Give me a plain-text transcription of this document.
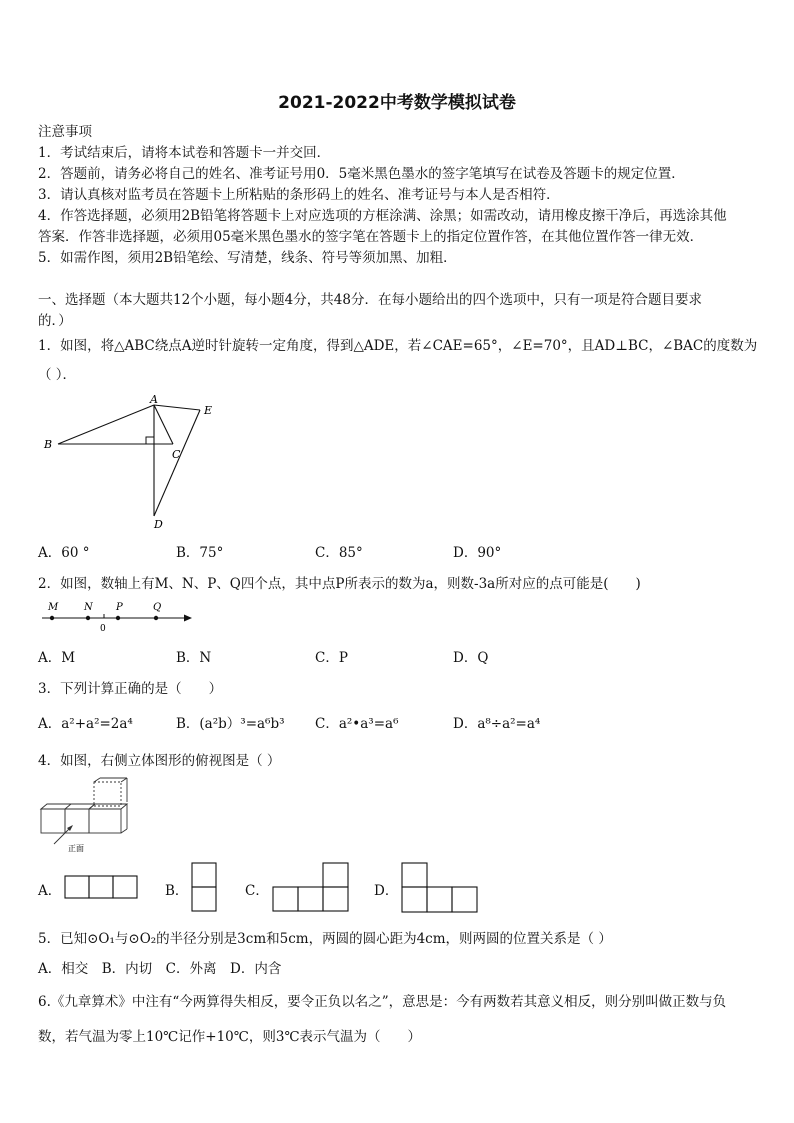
2021-2022中考数学模拟试卷
注意事项
1．考试结束后，请将本试卷和答题卡一并交回．
2．答题前，请务必将自己的姓名、准考证号用0．5毫米黑色墨水的签字笔填写在试卷及答题卡的规定位置．
3．请认真核对监考员在答题卡上所粘贴的条形码上的姓名、准考证号与本人是否相符．
4．作答选择题，必须用2B铅笔将答题卡上对应选项的方框涂满、涂黑；如需改动，请用橡皮擦干净后，再选涂其他
答案．作答非选择题，必须用05毫米黑色墨水的签字笔在答题卡上的指定位置作答，在其他位置作答一律无效．
5．如需作图，须用2B铅笔绘、写清楚，线条、符号等须加黑、加粗．
一、选择题（本大题共12个小题，每小题4分，共48分．在每小题给出的四个选项中，只有一项是符合题目要求
的．）
1．如图，将△ABC绕点A逆时针旋转一定角度，得到△ADE，若∠CAE=65°，∠E=70°，且AD⊥BC，∠BAC的度数为
（ ）．
A
B
C
D
E
A．60 °	B．75°	C．85°	D．90°
2．如图，数轴上有M、N、P、Q四个点，其中点P所表示的数为a，则数-3a所对应的点可能是(　　)
M	N P	Q
0
A．M	B．N	C．P	D．Q
3．下列计算正确的是（　　）
A．a²+a²=2a⁴	B．(a²b）³=a⁶b³ C．a²•a³=a⁶	D．a⁸÷a²=a⁴
4．如图，右侧立体图形的俯视图是（ ）
正面
A．	B．	C．	D．
5．已知⊙O₁与⊙O₂的半径分别是3cm和5cm，两圆的圆心距为4cm，则两圆的位置关系是（ ）
A．相交　B．内切　C．外离　D．内含
6.《九章算术》中注有“今两算得失相反，要令正负以名之”，意思是：今有两数若其意义相反，则分别叫做正数与负
数，若气温为零上10℃记作+10℃，则3℃表示气温为（　　）
